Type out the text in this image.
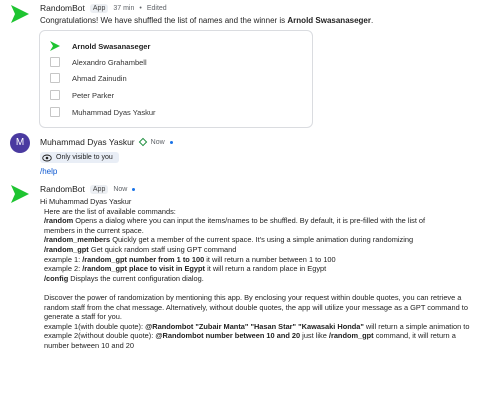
RandomBot	App	37 min • Edited
Congratulations! We have shuffled the list of names and the winner is Arnold Swasanaseger.
Arnold Swasanaseger
Alexandro Grahambell
Ahmad Zainudin
Peter Parker
Muhammad Dyas Yaskur
M	Muhammad Dyas Yaskur Now
Only visible to you
/help
RandomBot	App	Now
Hi Muhammad Dyas Yaskur
Here are the list of available commands:
/random Opens a dialog where you can input the items/names to be shuffled. By default, it is pre-filled with the list of
members in the current space.
/random_members Quickly get a member of the current space. It's using a simple animation during randomizing
/random_gpt Get quick random staff using GPT command
example 1: /random_gpt number from 1 to 100 it will return a number between 1 to 100
example 2: /random_gpt place to visit in Egypt it will return a random place in Egypt
/config Displays the current configuration dialog.
Discover the power of randomization by mentioning this app. By enclosing your request within double quotes, you can retrieve a random staff from the chat message. Alternatively, without double quotes, the app will utilize your message as a GPT command to generate a staff for you.
example 1(with double quote): @Randombot "Zubair Manta" "Hasan Star" "Kawasaki Honda" will return a simple animation to
example 2(without double quote): @Randombot number between 10 and 20 just like /random_gpt command, it will return a number between 10 and 20
